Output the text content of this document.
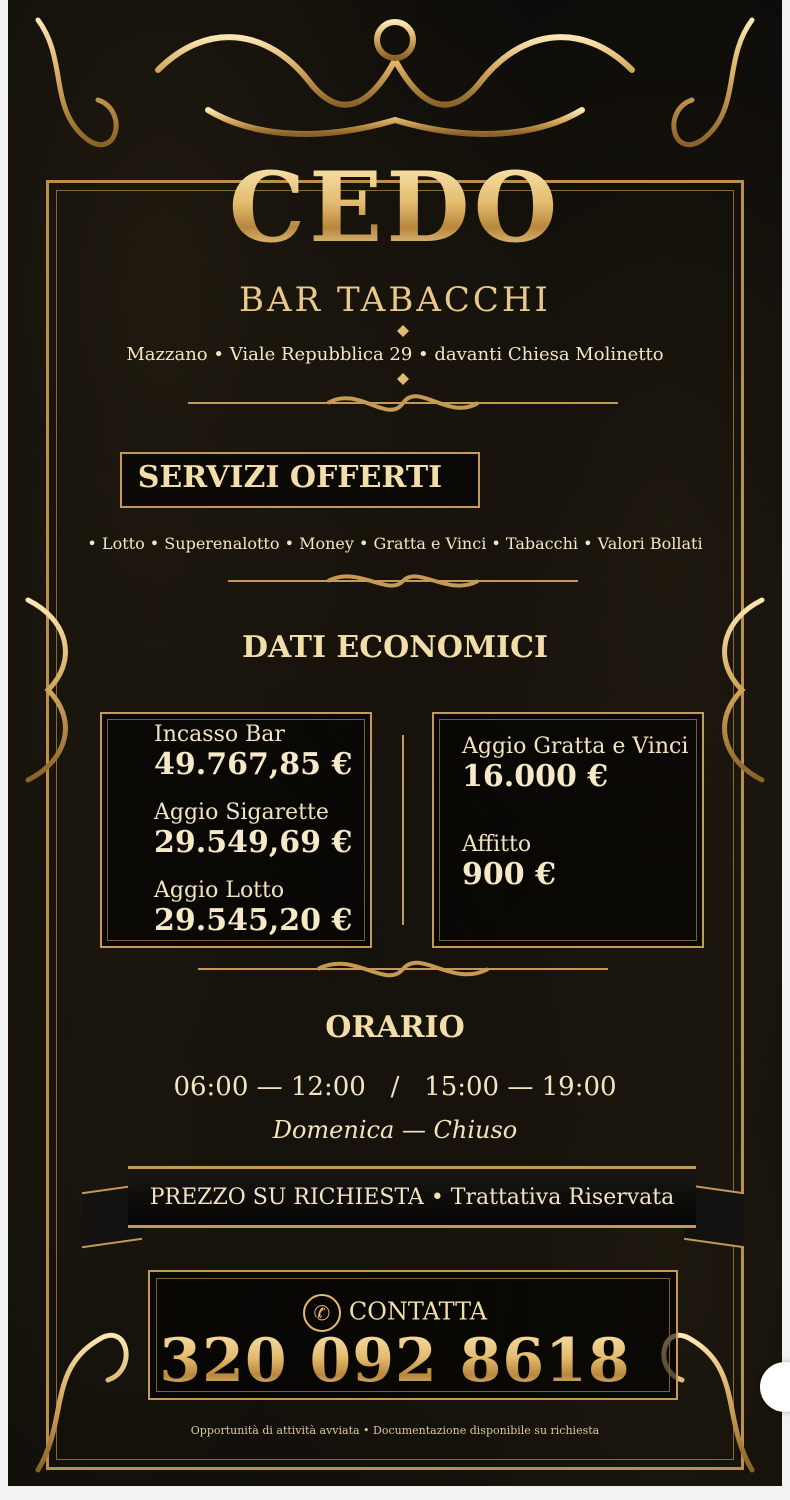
CEDO
BAR TABACCHI
Mazzano • Viale Repubblica 29 • davanti Chiesa Molinetto
SERVIZI OFFERTI
• Lotto • Superenalotto • Money • Gratta e Vinci • Tabacchi • Valori Bollati
DATI ECONOMICI
Incasso Bar
49.767,85 €
Aggio Sigarette
29.549,69 €
Aggio Lotto
29.545,20 €
Aggio Gratta e Vinci
16.000 €
Affitto
900 €
ORARIO
06:00 — 12:00   /   15:00 — 19:00
Domenica — Chiuso
PREZZO SU RICHIESTA • Trattativa Riservata
✆ CONTATTA
320 092 8618
Opportunità di attività avviata • Documentazione disponibile su richiesta
